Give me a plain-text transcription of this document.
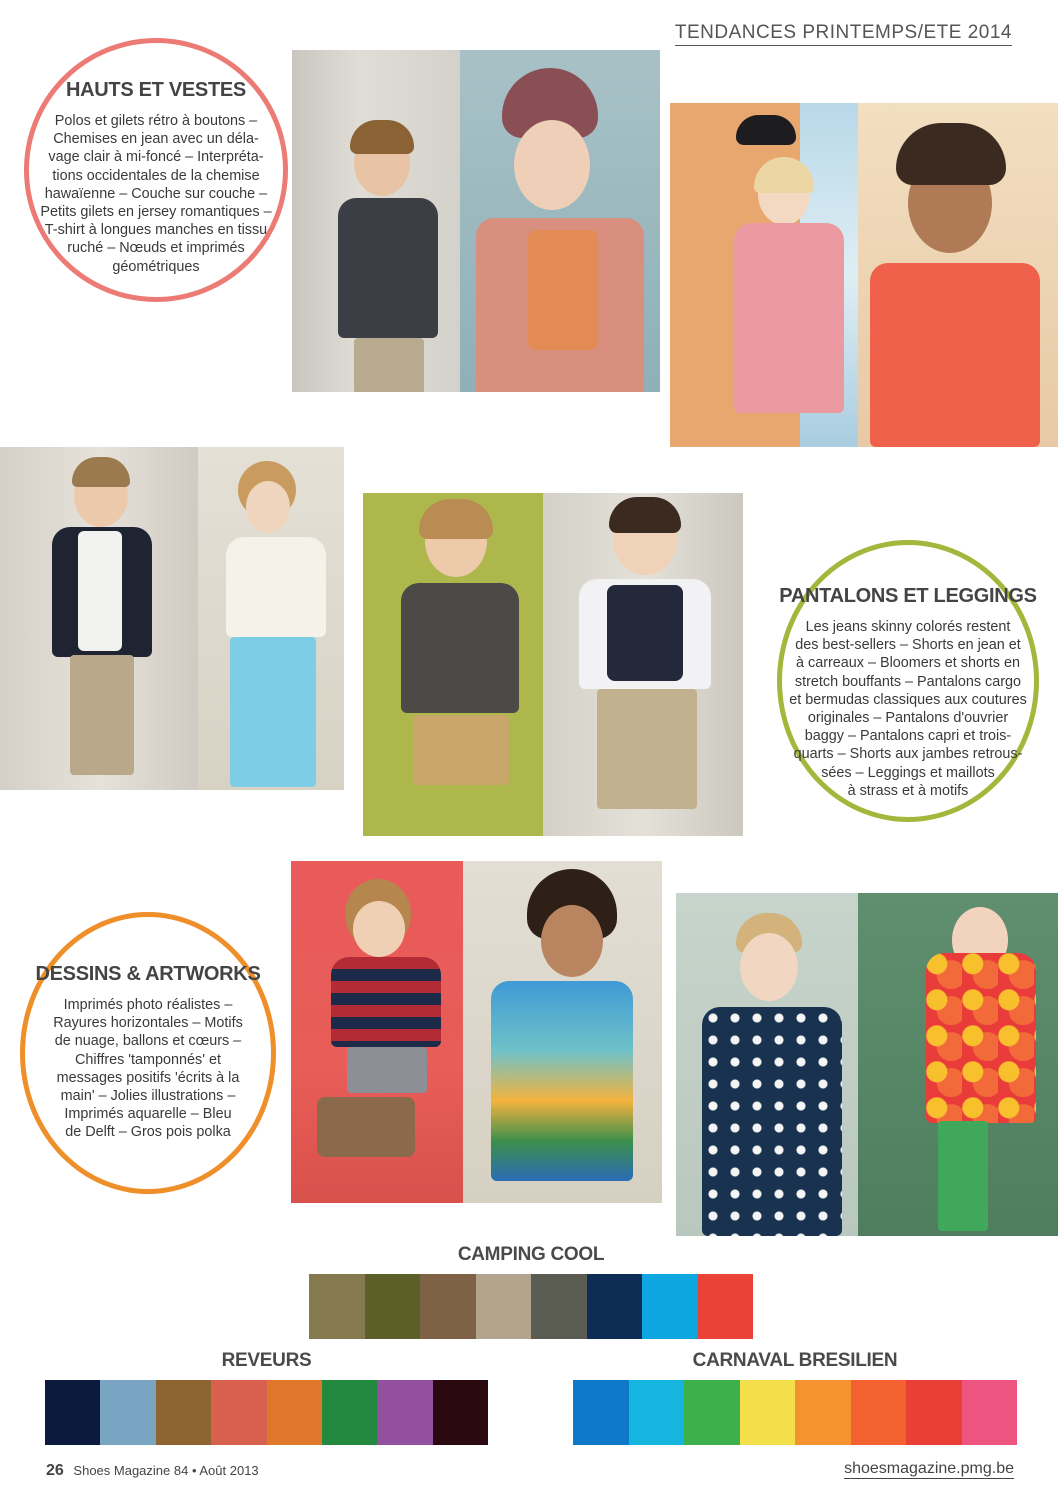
TENDANCES PRINTEMPS/ETE 2014
HAUTS ET VESTES
Polos et gilets rétro à boutons –
Chemises en jean avec un déla-
vage clair à mi-foncé – Interpréta-
tions occidentales de la chemise
hawaïenne – Couche sur couche –
Petits gilets en jersey romantiques –
T-shirt à longues manches en tissu
ruché – Nœuds et imprimés
géométriques
PANTALONS ET LEGGINGS
Les jeans skinny colorés restent
des best-sellers – Shorts en jean et
à carreaux – Bloomers et shorts en
stretch bouffants – Pantalons cargo
et bermudas classiques aux coutures
originales – Pantalons d'ouvrier
baggy – Pantalons capri et trois-
quarts – Shorts aux jambes retrous-
sées – Leggings et maillots
à strass et à motifs
DESSINS & ARTWORKS
Imprimés photo réalistes –
Rayures horizontales – Motifs
de nuage, ballons et cœurs –
Chiffres 'tamponnés' et
messages positifs 'écrits à la
main' – Jolies illustrations –
Imprimés aquarelle – Bleu
de Delft – Gros pois polka
CAMPING COOL
REVEURS	CARNAVAL BRESILIEN
26 Shoes Magazine 84 • Août 2013	shoesmagazine.pmg.be
